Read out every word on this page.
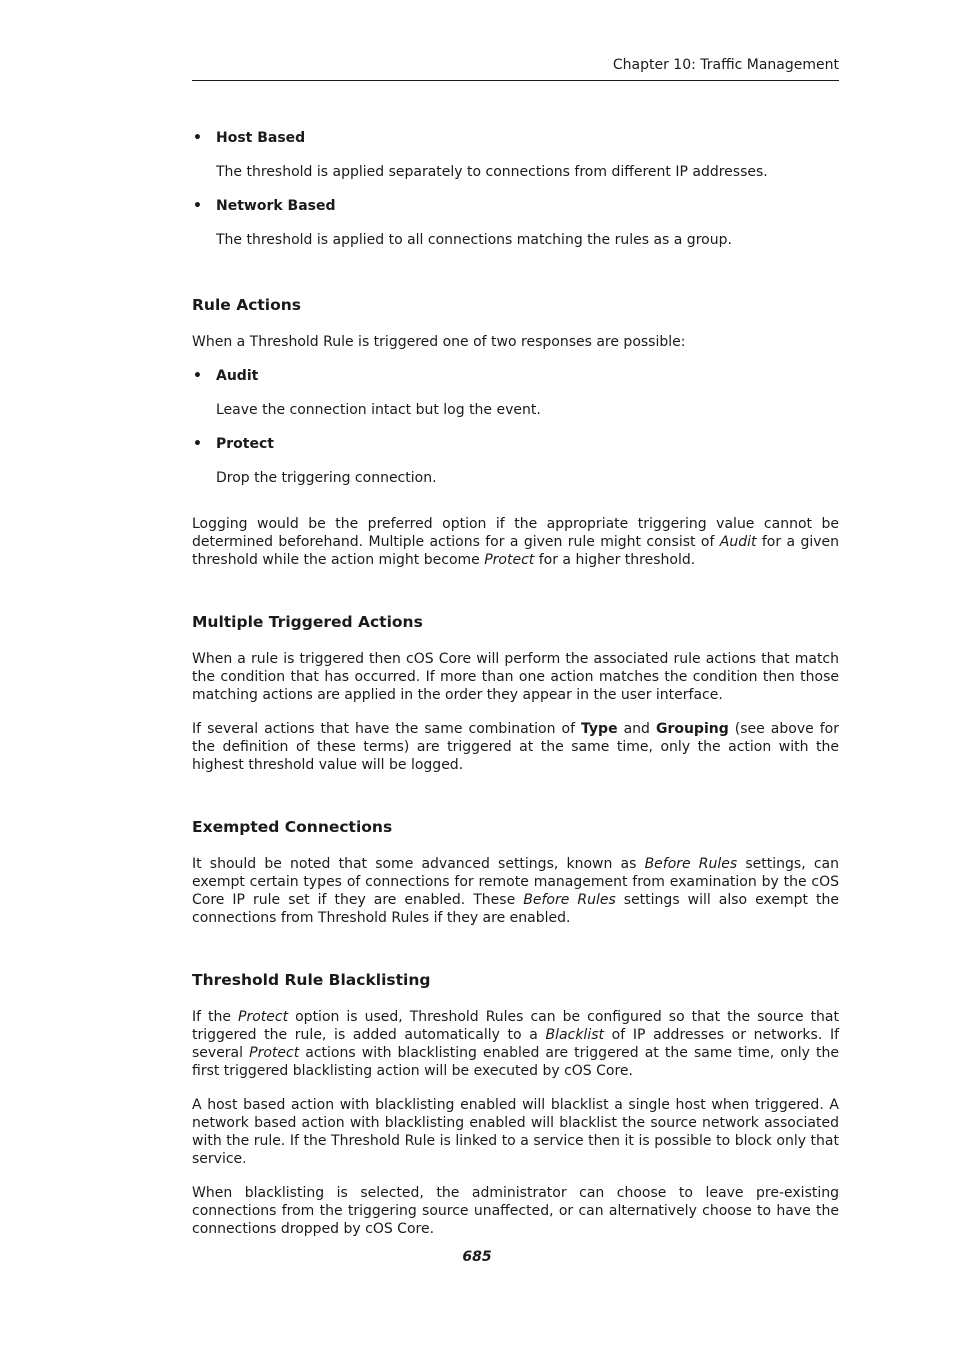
Chapter 10: Traffic Management
• Host Based
The threshold is applied separately to connections from different IP addresses.
• Network Based
The threshold is applied to all connections matching the rules as a group.
Rule Actions

When a Threshold Rule is triggered one of two responses are possible:

• Audit
Leave the connection intact but log the event.
• Protect
Drop the triggering connection.

Logging would be the preferred option if the appropriate triggering value cannot be determined beforehand. Multiple actions for a given rule might consist of Audit for a given threshold while the action might become Protect for a higher threshold.

Multiple Triggered Actions

When a rule is triggered then cOS Core will perform the associated rule actions that match the condition that has occurred. If more than one action matches the condition then those matching actions are applied in the order they appear in the user interface.

If several actions that have the same combination of Type and Grouping (see above for the definition of these terms) are triggered at the same time, only the action with the highest threshold value will be logged.

Exempted Connections

It should be noted that some advanced settings, known as Before Rules settings, can exempt certain types of connections for remote management from examination by the cOS Core IP rule set if they are enabled. These Before Rules settings will also exempt the connections from Threshold Rules if they are enabled.

Threshold Rule Blacklisting

If the Protect option is used, Threshold Rules can be configured so that the source that triggered the rule, is added automatically to a Blacklist of IP addresses or networks. If several Protect actions with blacklisting enabled are triggered at the same time, only the first triggered blacklisting action will be executed by cOS Core.

A host based action with blacklisting enabled will blacklist a single host when triggered. A network based action with blacklisting enabled will blacklist the source network associated with the rule. If the Threshold Rule is linked to a service then it is possible to block only that service.

When blacklisting is selected, the administrator can choose to leave pre-existing connections from the triggering source unaffected, or can alternatively choose to have the connections dropped by cOS Core.

685
